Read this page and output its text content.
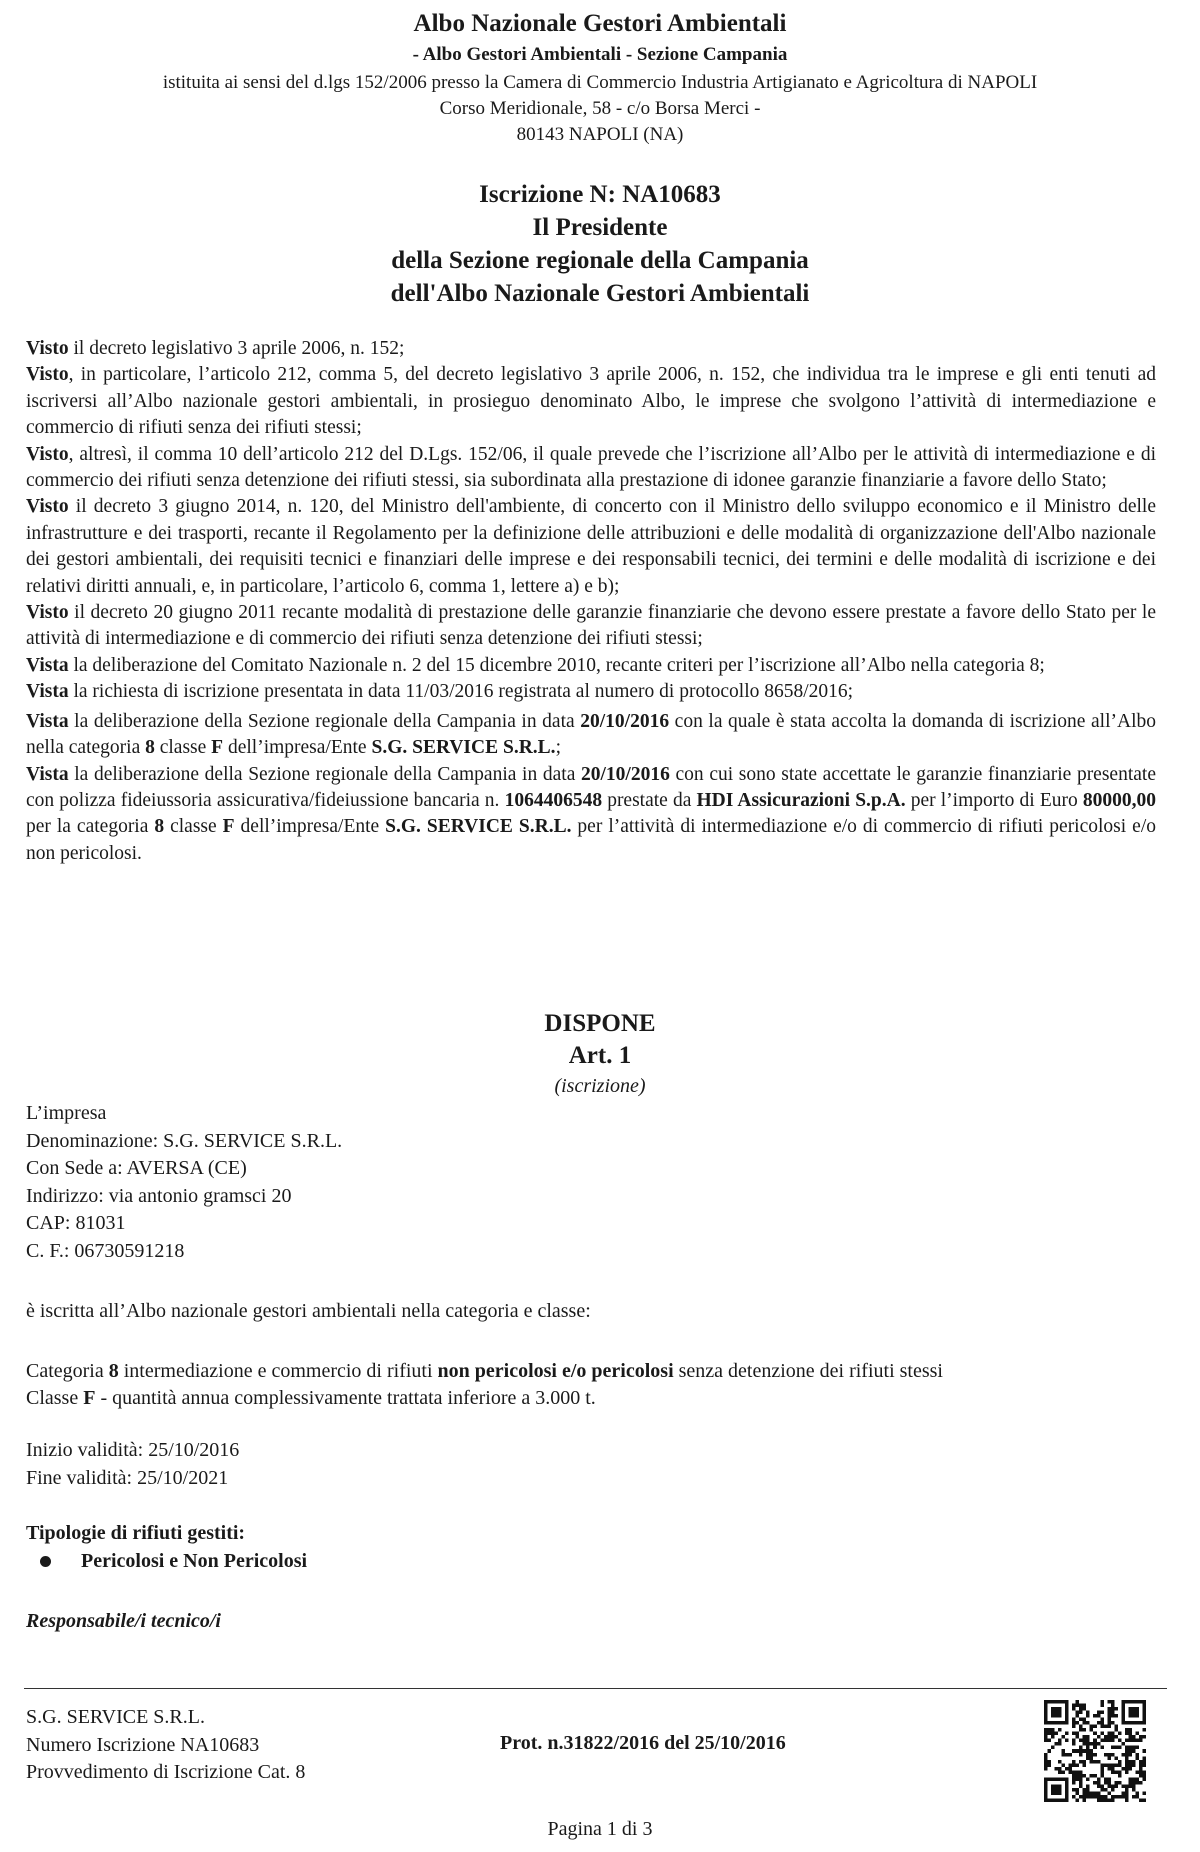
Albo Nazionale Gestori Ambientali
- Albo Gestori Ambientali - Sezione Campania
istituita ai sensi del d.lgs 152/2006 presso la Camera di Commercio Industria Artigianato e Agricoltura di NAPOLI
Corso Meridionale, 58 - c/o Borsa Merci -
80143 NAPOLI (NA)
Iscrizione N: NA10683
Il Presidente
della Sezione regionale della Campania
dell'Albo Nazionale Gestori Ambientali

Visto il decreto legislativo 3 aprile 2006, n. 152;

Visto, in particolare, l’articolo 212, comma 5, del decreto legislativo 3 aprile 2006, n. 152, che individua tra le imprese e gli enti tenuti ad iscriversi all’Albo nazionale gestori ambientali, in prosieguo denominato Albo, le imprese che svolgono l’attività di intermediazione e commercio di rifiuti senza dei rifiuti stessi;

Visto, altresì, il comma 10 dell’articolo 212 del D.Lgs. 152/06, il quale prevede che l’iscrizione all’Albo per le attività di intermediazione e di commercio dei rifiuti senza detenzione dei rifiuti stessi, sia subordinata alla prestazione di idonee garanzie finanziarie a favore dello Stato;

Visto il decreto 3 giugno 2014, n. 120, del Ministro dell'ambiente, di concerto con il Ministro dello sviluppo economico e il Ministro delle infrastrutture e dei trasporti, recante il Regolamento per la definizione delle attribuzioni e delle modalità di organizzazione dell'Albo nazionale dei gestori ambientali, dei requisiti tecnici e finanziari delle imprese e dei responsabili tecnici, dei termini e delle modalità di iscrizione e dei relativi diritti annuali, e, in particolare, l’articolo 6, comma 1, lettere a) e b);

Visto il decreto 20 giugno 2011 recante modalità di prestazione delle garanzie finanziarie che devono essere prestate a favore dello Stato per le attività di intermediazione e di commercio dei rifiuti senza detenzione dei rifiuti stessi;

Vista la deliberazione del Comitato Nazionale n. 2 del 15 dicembre 2010, recante criteri per l’iscrizione all’Albo nella categoria 8;

Vista la richiesta di iscrizione presentata in data 11/03/2016 registrata al numero di protocollo 8658/2016;

Vista la deliberazione della Sezione regionale della Campania in data 20/10/2016 con la quale è stata accolta la domanda di iscrizione all’Albo nella categoria 8 classe F dell’impresa/Ente S.G. SERVICE S.R.L.;

Vista la deliberazione della Sezione regionale della Campania in data 20/10/2016 con cui sono state accettate le garanzie finanziarie presentate con polizza fideiussoria assicurativa/fideiussione bancaria n. 1064406548 prestate da HDI Assicurazioni S.p.A. per l’importo di Euro 80000,00 per la categoria 8 classe F dell’impresa/Ente S.G. SERVICE S.R.L. per l’attività di intermediazione e/o di commercio di rifiuti pericolosi e/o non pericolosi.

DISPONE
Art. 1
(iscrizione)
L’impresa
Denominazione: S.G. SERVICE S.R.L.
Con Sede a: AVERSA (CE)
Indirizzo: via antonio gramsci 20
CAP: 81031
C. F.: 06730591218
è iscritta all’Albo nazionale gestori ambientali nella categoria e classe:
Categoria 8 intermediazione e commercio di rifiuti non pericolosi e/o pericolosi senza detenzione dei rifiuti stessi
Classe F - quantità annua complessivamente trattata inferiore a 3.000 t.
Inizio validità: 25/10/2016
Fine validità: 25/10/2021
Tipologie di rifiuti gestiti:
Pericolosi e Non Pericolosi
Responsabile/i tecnico/i
S.G. SERVICE S.R.L.
Numero Iscrizione NA10683
Provvedimento di Iscrizione Cat. 8
Prot. n.31822/2016 del 25/10/2016
Pagina 1 di 3
